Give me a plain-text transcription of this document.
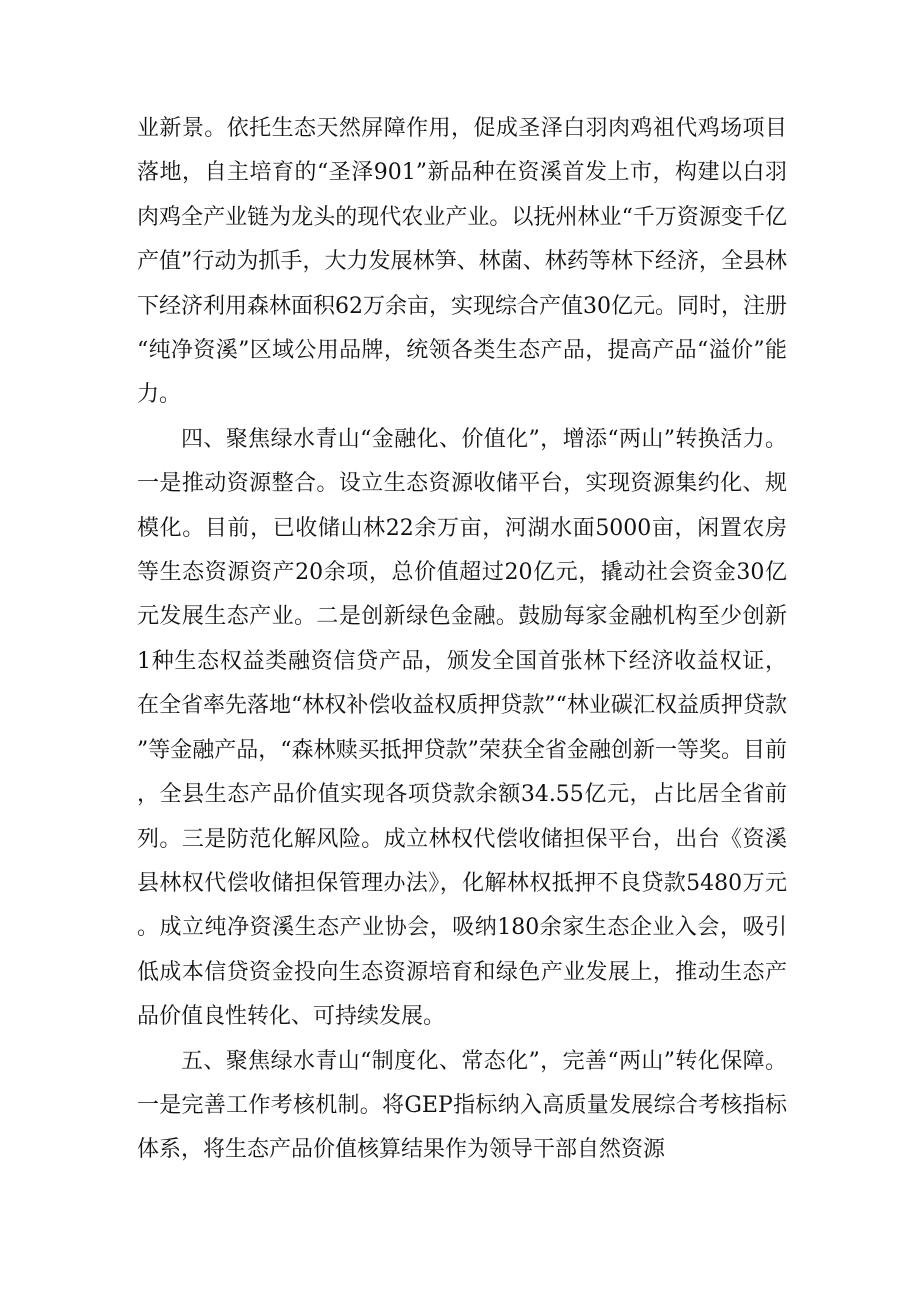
业新景。依托生态天然屏障作用，促成圣泽白羽肉鸡祖代鸡场项目落地，自主培育的“圣泽901”新品种在资溪首发上市，构建以白羽肉鸡全产业链为龙头的现代农业产业。以抚州林业“千万资源变千亿产值”行动为抓手，大力发展林笋、林菌、林药等林下经济，全县林下经济利用森林面积62万余亩，实现综合产值30亿元。同时，注册“纯净资溪”区域公用品牌，统领各类生态产品，提高产品“溢价”能力。

四、聚焦绿水青山“金融化、价值化”，增添“两山”转换活力。一是推动资源整合。设立生态资源收储平台，实现资源集约化、规模化。目前，已收储山林22余万亩，河湖水面5000亩，闲置农房等生态资源资产20余项，总价值超过20亿元，撬动社会资金30亿元发展生态产业。二是创新绿色金融。鼓励每家金融机构至少创新1种生态权益类融资信贷产品，颁发全国首张林下经济收益权证，在全省率先落地“林权补偿收益权质押贷款”“林业碳汇权益质押贷款”等金融产品，“森林赎买抵押贷款”荣获全省金融创新一等奖。目前，全县生态产品价值实现各项贷款余额34.55亿元，占比居全省前列。三是防范化解风险。成立林权代偿收储担保平台，出台《资溪县林权代偿收储担保管理办法》，化解林权抵押不良贷款5480万元。成立纯净资溪生态产业协会，吸纳180余家生态企业入会，吸引低成本信贷资金投向生态资源培育和绿色产业发展上，推动生态产品价值良性转化、可持续发展。

五、聚焦绿水青山“制度化、常态化”，完善“两山”转化保障。一是完善工作考核机制。将GEP指标纳入高质量发展综合考核指标体系，将生态产品价值核算结果作为领导干部自然资源
